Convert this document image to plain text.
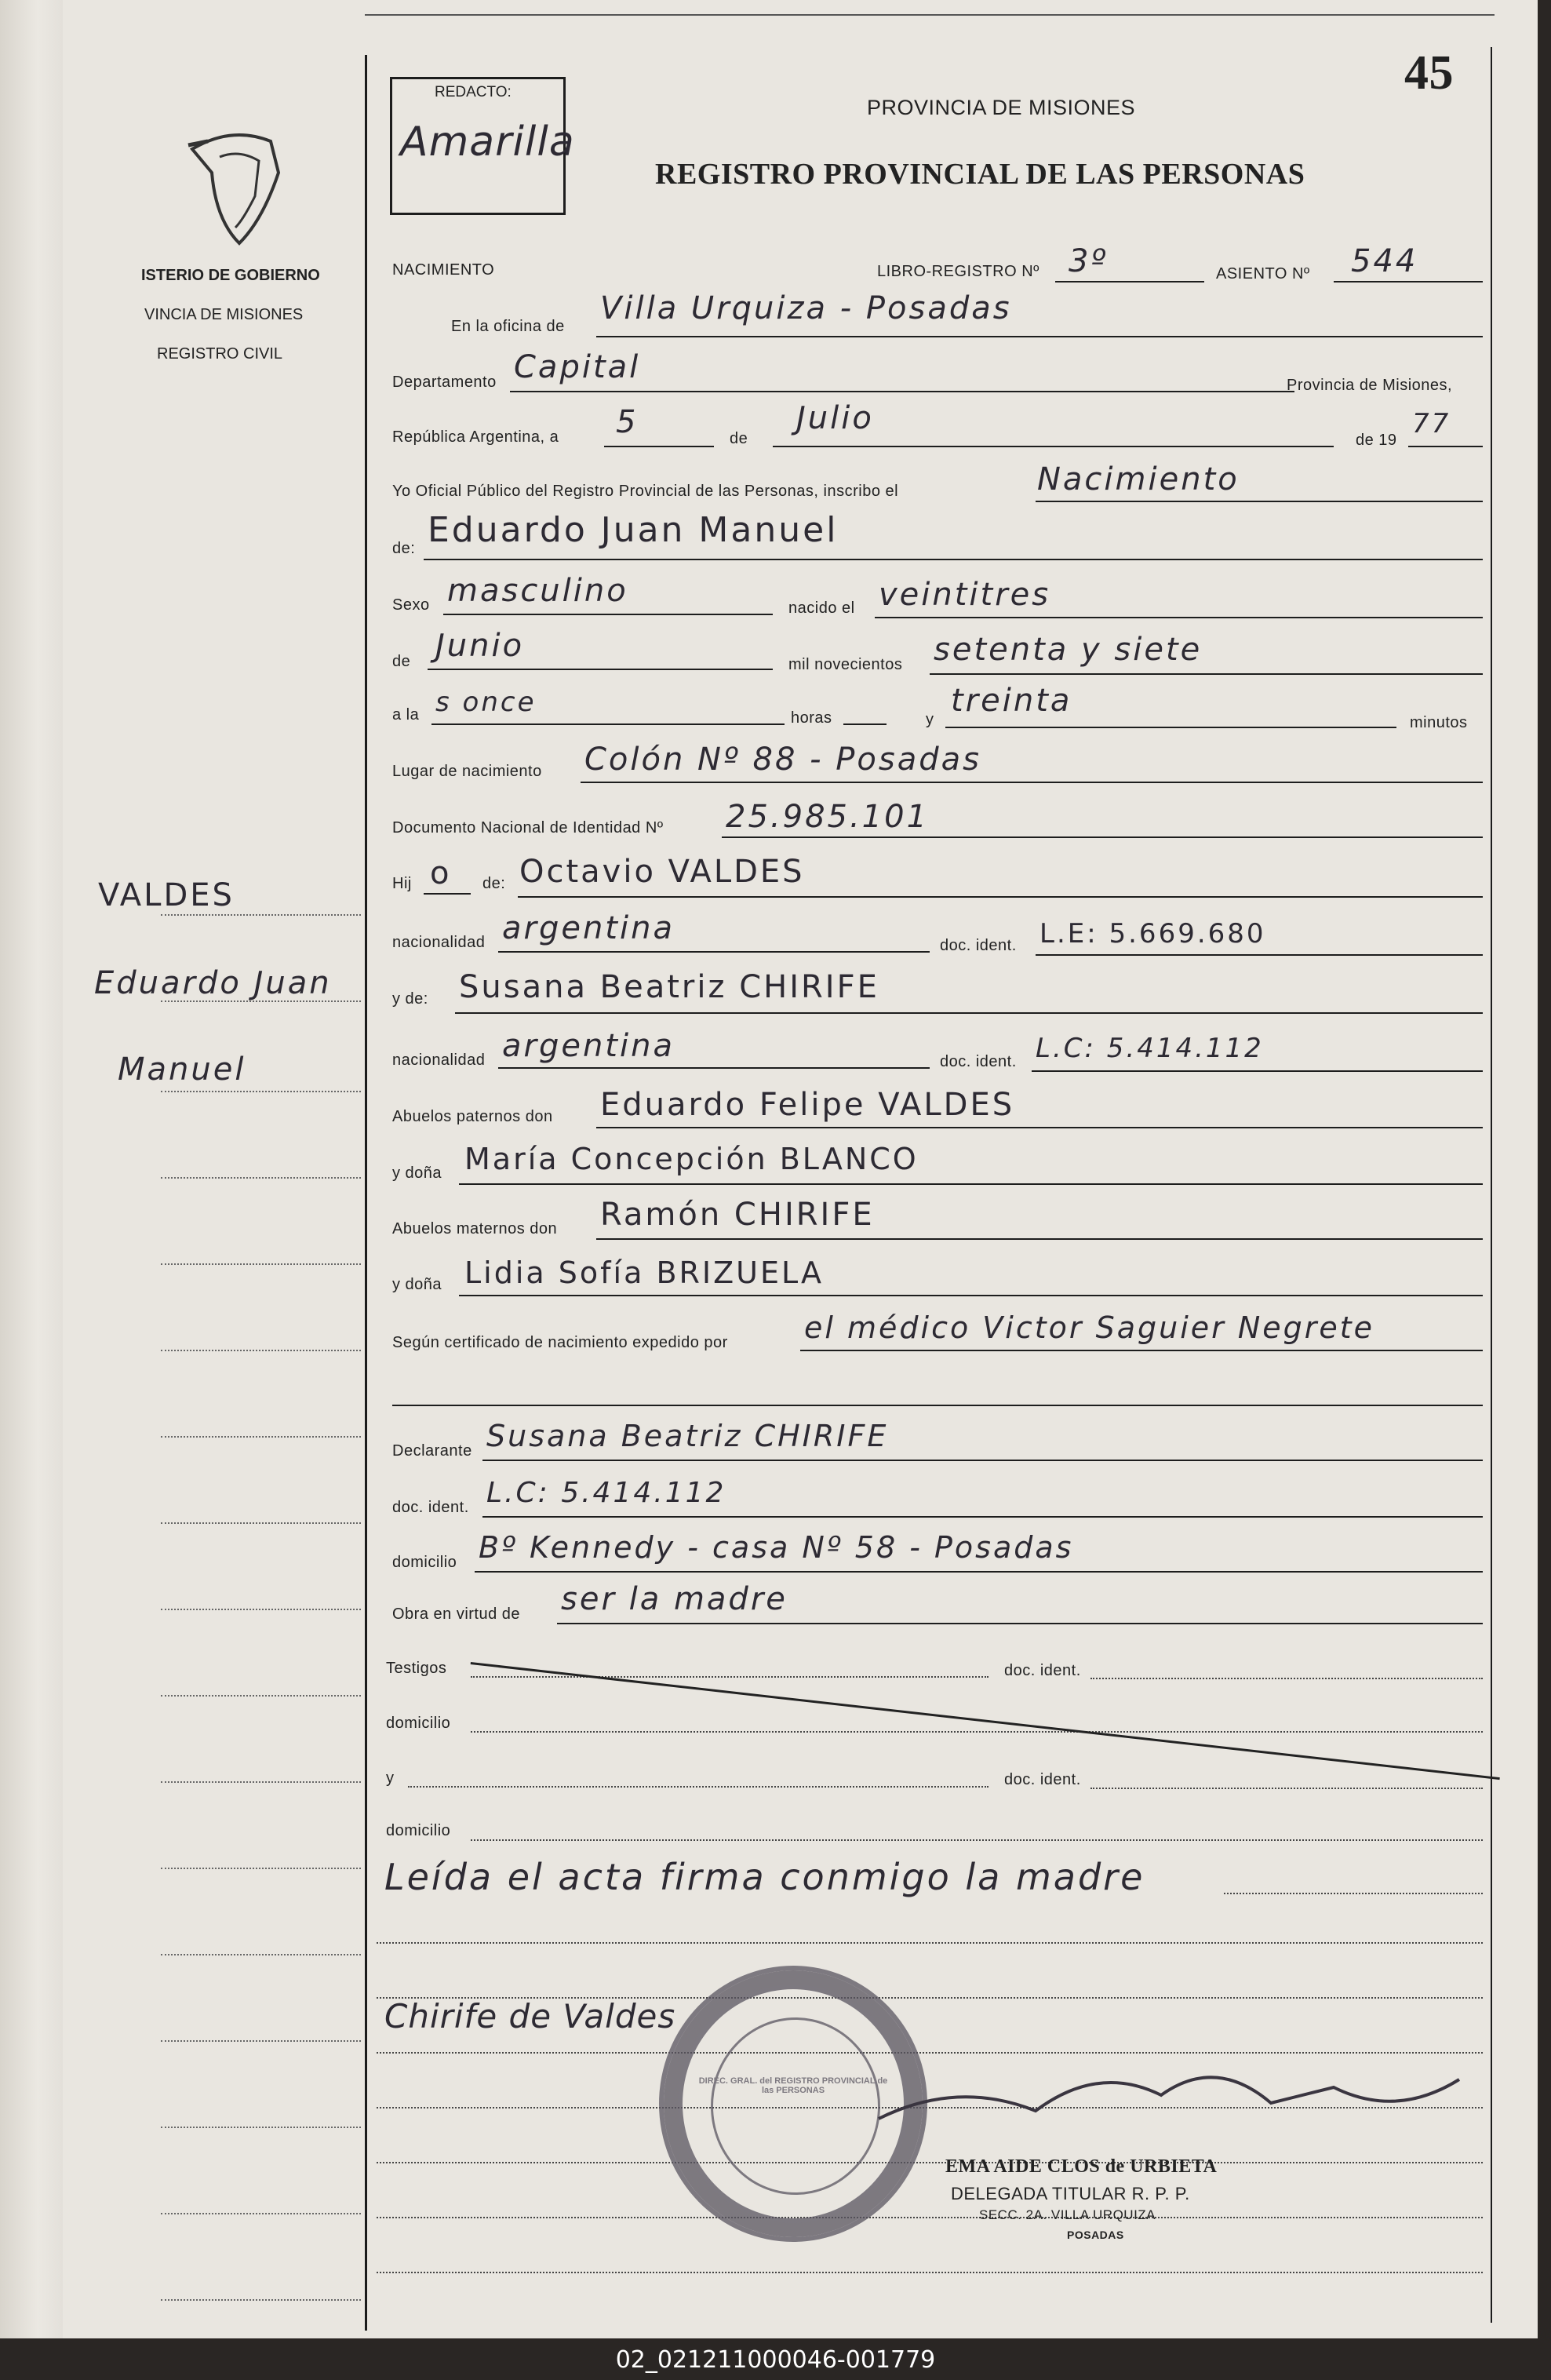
45
ISTERIO DE GOBIERNO
VINCIA DE MISIONES
REGISTRO CIVIL
VALDES
Eduardo Juan
Manuel
REDACTO:
Amarilla
PROVINCIA DE MISIONES
REGISTRO PROVINCIAL DE LAS PERSONAS
NACIMIENTO	LIBRO-REGISTRO Nº 3º	ASIENTO Nº 544
En la oficina de Villa Urquiza - Posadas
Departamento Capital	Provincia de Misiones,
República Argentina, a 5	de
Julio
de 19
77
Yo Oficial Público del Registro Provincial de las Personas, inscribo el	Nacimiento
de: Eduardo Juan Manuel
Sexo masculino	nacido el veintitres
de Junio
mil novecientos setenta y siete
a la s once	horas	y
treinta
minutos
Lugar de nacimiento Colón Nº 88 - Posadas
Documento Nacional de Identidad Nº 25.985.101
Hij o de: Octavio VALDES
nacionalidad argentina	doc. ident. L.E: 5.669.680
y de: Susana Beatriz CHIRIFE
nacionalidad argentina	doc. ident. L.C: 5.414.112
Abuelos paternos don Eduardo Felipe VALDES
y doña María Concepción BLANCO
Abuelos maternos don Ramón CHIRIFE
y doña Lidia Sofía BRIZUELA
Según certificado de nacimiento expedido por	el médico Victor Saguier Negrete
Declarante Susana Beatriz CHIRIFE
doc. ident. L.C: 5.414.112
domicilio Bº Kennedy - casa Nº 58 - Posadas
Obra en virtud de ser la madre
Testigos	doc. ident.
domicilio
y	doc. ident.
domicilio
Leída el acta firma conmigo la madre
Chirife de Valdes
DIREC. GRAL. del REGISTRO PROVINCIAL de las PERSONAS
EMA AIDE CLOS de URBIETA
DELEGADA TITULAR R. P. P.
SECC. 2A. VILLA URQUIZA
POSADAS
02_021211000046-001779
